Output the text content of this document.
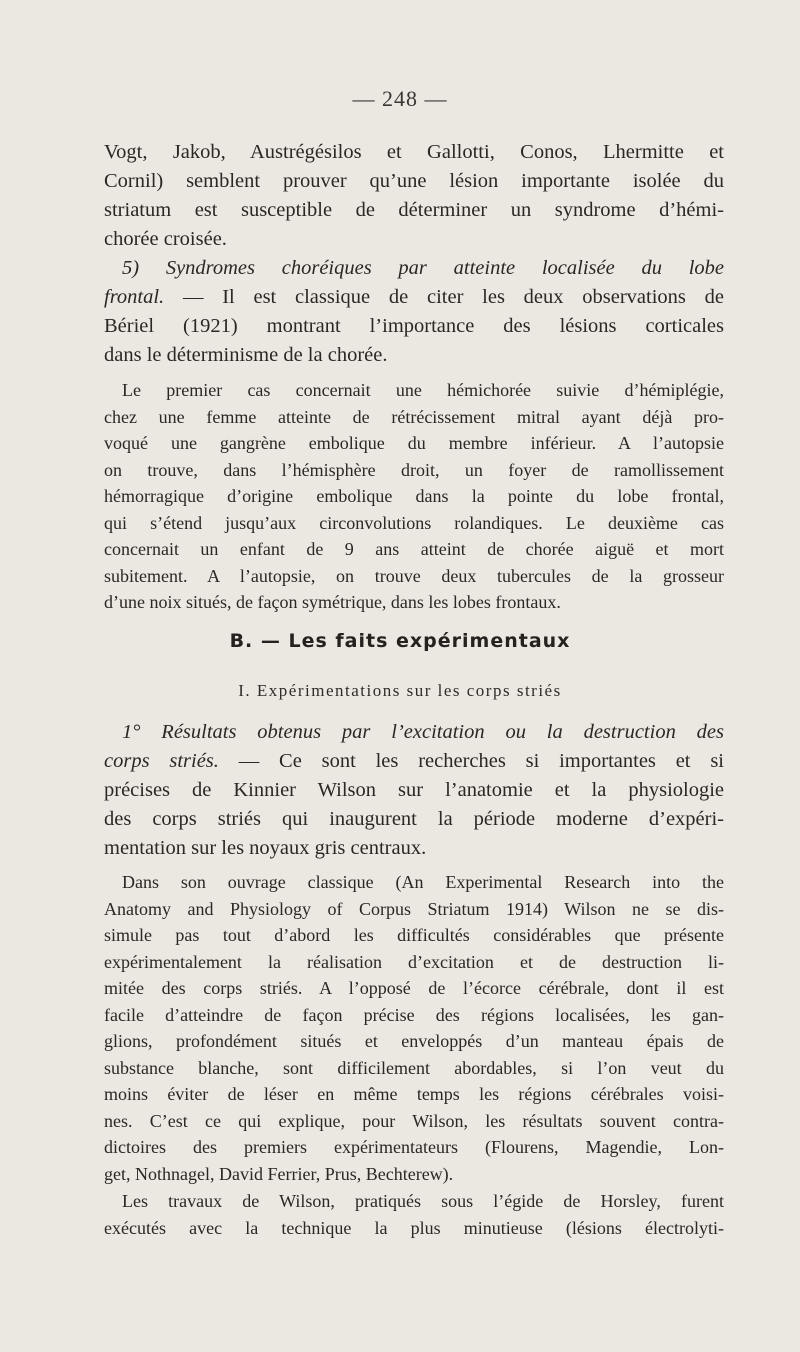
— 248 —
Vogt, Jakob, Austrégésilos et Gallotti, Conos, Lhermitte et
Cornil) semblent prouver qu’une lésion importante isolée du
striatum est susceptible de déterminer un syndrome d’hémi-
chorée croisée.
5) Syndromes choréiques par atteinte localisée du lobe
frontal. — Il est classique de citer les deux observations de
Bériel (1921) montrant l’importance des lésions corticales
dans le déterminisme de la chorée.
Le premier cas concernait une hémichorée suivie d’hémiplégie,
chez une femme atteinte de rétrécissement mitral ayant déjà pro-
voqué une gangrène embolique du membre inférieur. A l’autopsie
on trouve, dans l’hémisphère droit, un foyer de ramollissement
hémorragique d’origine embolique dans la pointe du lobe frontal,
qui s’étend jusqu’aux circonvolutions rolandiques. Le deuxième cas
concernait un enfant de 9 ans atteint de chorée aiguë et mort
subitement. A l’autopsie, on trouve deux tubercules de la grosseur
d’une noix situés, de façon symétrique, dans les lobes frontaux.
B. — Les faits expérimentaux
I. Expérimentations sur les corps striés
1° Résultats obtenus par l’excitation ou la destruction des
corps striés. — Ce sont les recherches si importantes et si
précises de Kinnier Wilson sur l’anatomie et la physiologie
des corps striés qui inaugurent la période moderne d’expéri-
mentation sur les noyaux gris centraux.
Dans son ouvrage classique (An Experimental Research into the
Anatomy and Physiology of Corpus Striatum 1914) Wilson ne se dis-
simule pas tout d’abord les difficultés considérables que présente
expérimentalement la réalisation d’excitation et de destruction li-
mitée des corps striés. A l’opposé de l’écorce cérébrale, dont il est
facile d’atteindre de façon précise des régions localisées, les gan-
glions, profondément situés et enveloppés d’un manteau épais de
substance blanche, sont difficilement abordables, si l’on veut du
moins éviter de léser en même temps les régions cérébrales voisi-
nes. C’est ce qui explique, pour Wilson, les résultats souvent contra-
dictoires des premiers expérimentateurs (Flourens, Magendie, Lon-
get, Nothnagel, David Ferrier, Prus, Bechterew).
Les travaux de Wilson, pratiqués sous l’égide de Horsley, furent
exécutés avec la technique la plus minutieuse (lésions électrolyti-
